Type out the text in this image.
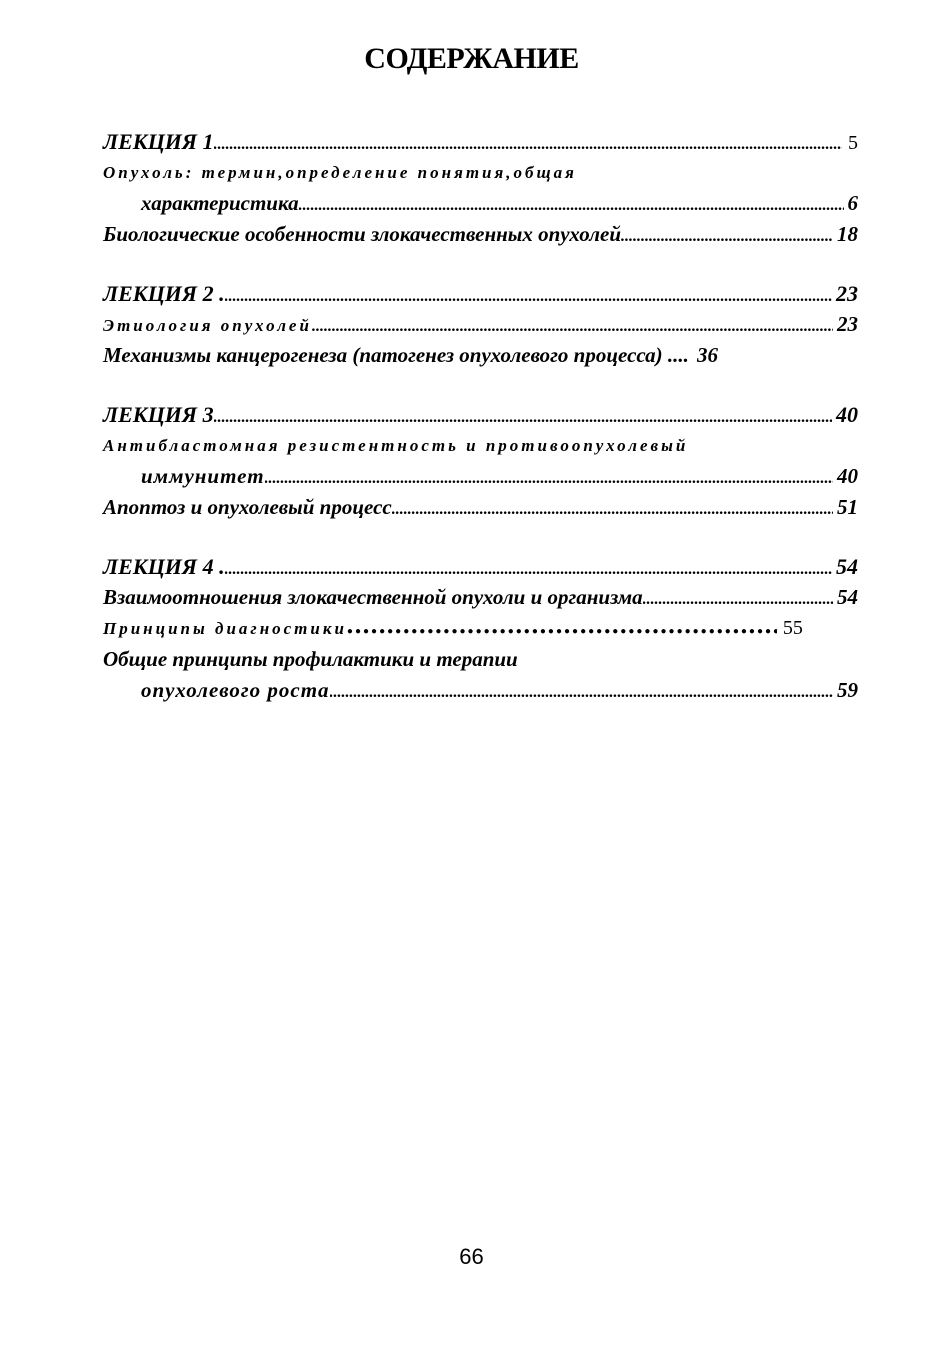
СОДЕРЖАНИЕ
ЛЕКЦИЯ 1 .....	5
Опухоль: термин,определение понятия,общая
характеристика .....	6
Биологические особенности злокачественных опухолей .....	18
ЛЕКЦИЯ 2 . .....	23
Этиология опухолей .....	23
Механизмы канцерогенеза (патогенез опухолевого процесса) .... 36
ЛЕКЦИЯ 3 .....	40
Антибластомная резистентность и противоопухолевый
иммунитет .....	40
Апоптоз и опухолевый процесс .....	51
ЛЕКЦИЯ 4 . .....	54
Взаимоотношения злокачественной опухоли и организма .....	54
Принципы диагностики ●●●●●●●●●●●●●●●●●●●●●●●●●●●●●●●●●●●●●●●●●●●●●●●●●●●●●●●●●●●●●●●●●●●●	55
Общие принципы профилактики и терапии
опухолевого роста .....	59
66
